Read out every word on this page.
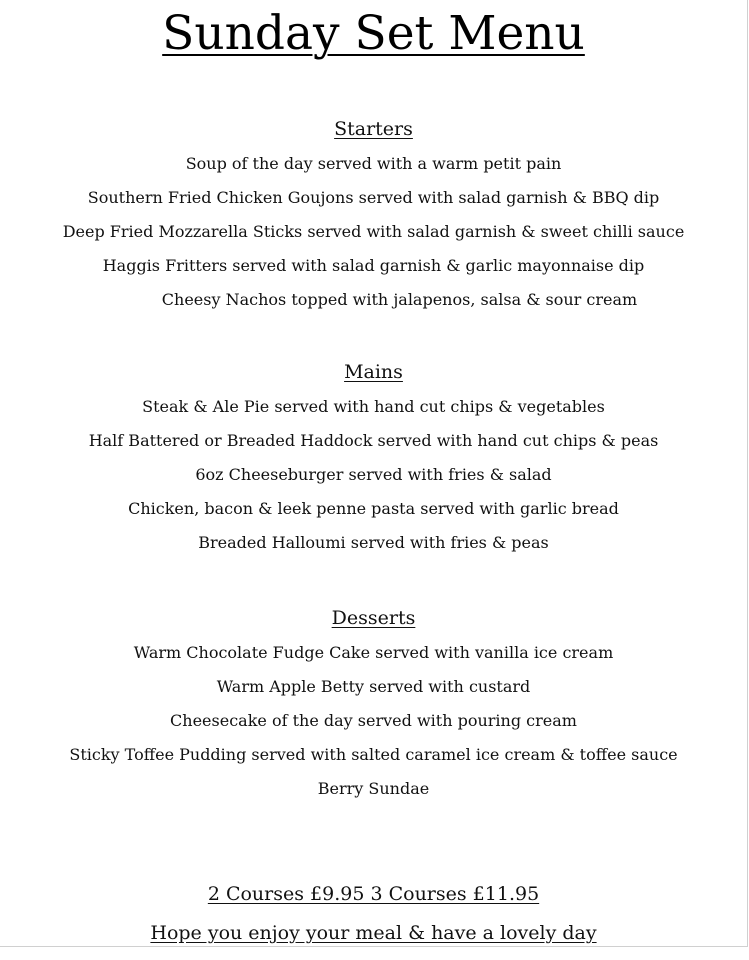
Sunday Set Menu
Starters
Soup of the day served with a warm petit pain
Southern Fried Chicken Goujons served with salad garnish & BBQ dip
Deep Fried Mozzarella Sticks served with salad garnish & sweet chilli sauce
Haggis Fritters served with salad garnish & garlic mayonnaise dip
Cheesy Nachos topped with jalapenos, salsa & sour cream
Mains
Steak & Ale Pie served with hand cut chips & vegetables
Half Battered or Breaded Haddock served with hand cut chips & peas
6oz Cheeseburger served with fries & salad
Chicken, bacon & leek penne pasta served with garlic bread
Breaded Halloumi served with fries & peas
Desserts
Warm Chocolate Fudge Cake served with vanilla ice cream
Warm Apple Betty served with custard
Cheesecake of the day served with pouring cream
Sticky Toffee Pudding served with salted caramel ice cream & toffee sauce
Berry Sundae
2 Courses £9.95 3 Courses £11.95
Hope you enjoy your meal & have a lovely day
